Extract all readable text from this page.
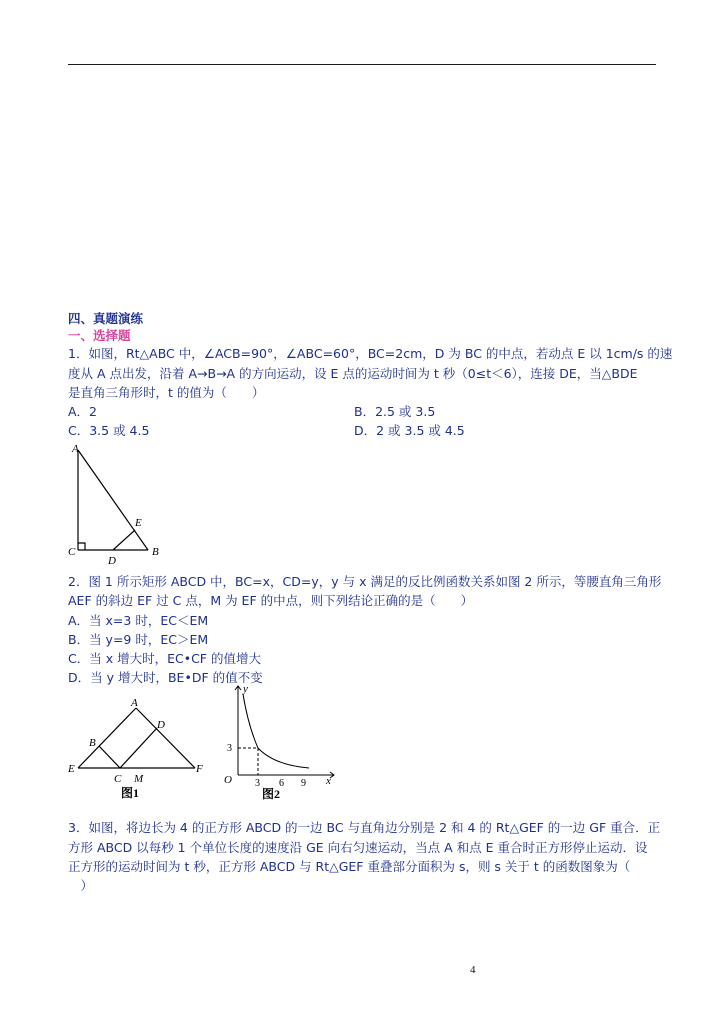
四、真题演练
一、选择题
1．如图，Rt△ABC 中，∠ACB=90°，∠ABC=60°，BC=2cm，D 为 BC 的中点，若动点 E 以 1cm/s 的速
度从 A 点出发，沿着 A→B→A 的方向运动，设 E 点的运动时间为 t 秒（0≤t＜6），连接 DE，当△BDE
是直角三角形时，t 的值为（　　）
A．2	B．2.5 或 3.5
C．3.5 或 4.5	D．2 或 3.5 或 4.5
A
C
D
B
E
2．图 1 所示矩形 ABCD 中，BC=x，CD=y，y 与 x 满足的反比例函数关系如图 2 所示，等腰直角三角形
AEF 的斜边 EF 过 C 点，M 为 EF 的中点，则下列结论正确的是（　　）
A．当 x=3 时，EC＜EM
B．当 y=9 时，EC＞EM
C．当 x 增大时，EC•CF 的值增大
D．当 y 增大时，BE•DF 的值不变
A
B
D
E
C M
F
图1
y
x
O
3
3 6 9
图2
3．如图，将边长为 4 的正方形 ABCD 的一边 BC 与直角边分别是 2 和 4 的 Rt△GEF 的一边 GF 重合．正
方形 ABCD 以每秒 1 个单位长度的速度沿 GE 向右匀速运动，当点 A 和点 E 重合时正方形停止运动．设
正方形的运动时间为 t 秒，正方形 ABCD 与 Rt△GEF 重叠部分面积为 s，则 s 关于 t 的函数图象为（
　）
4
